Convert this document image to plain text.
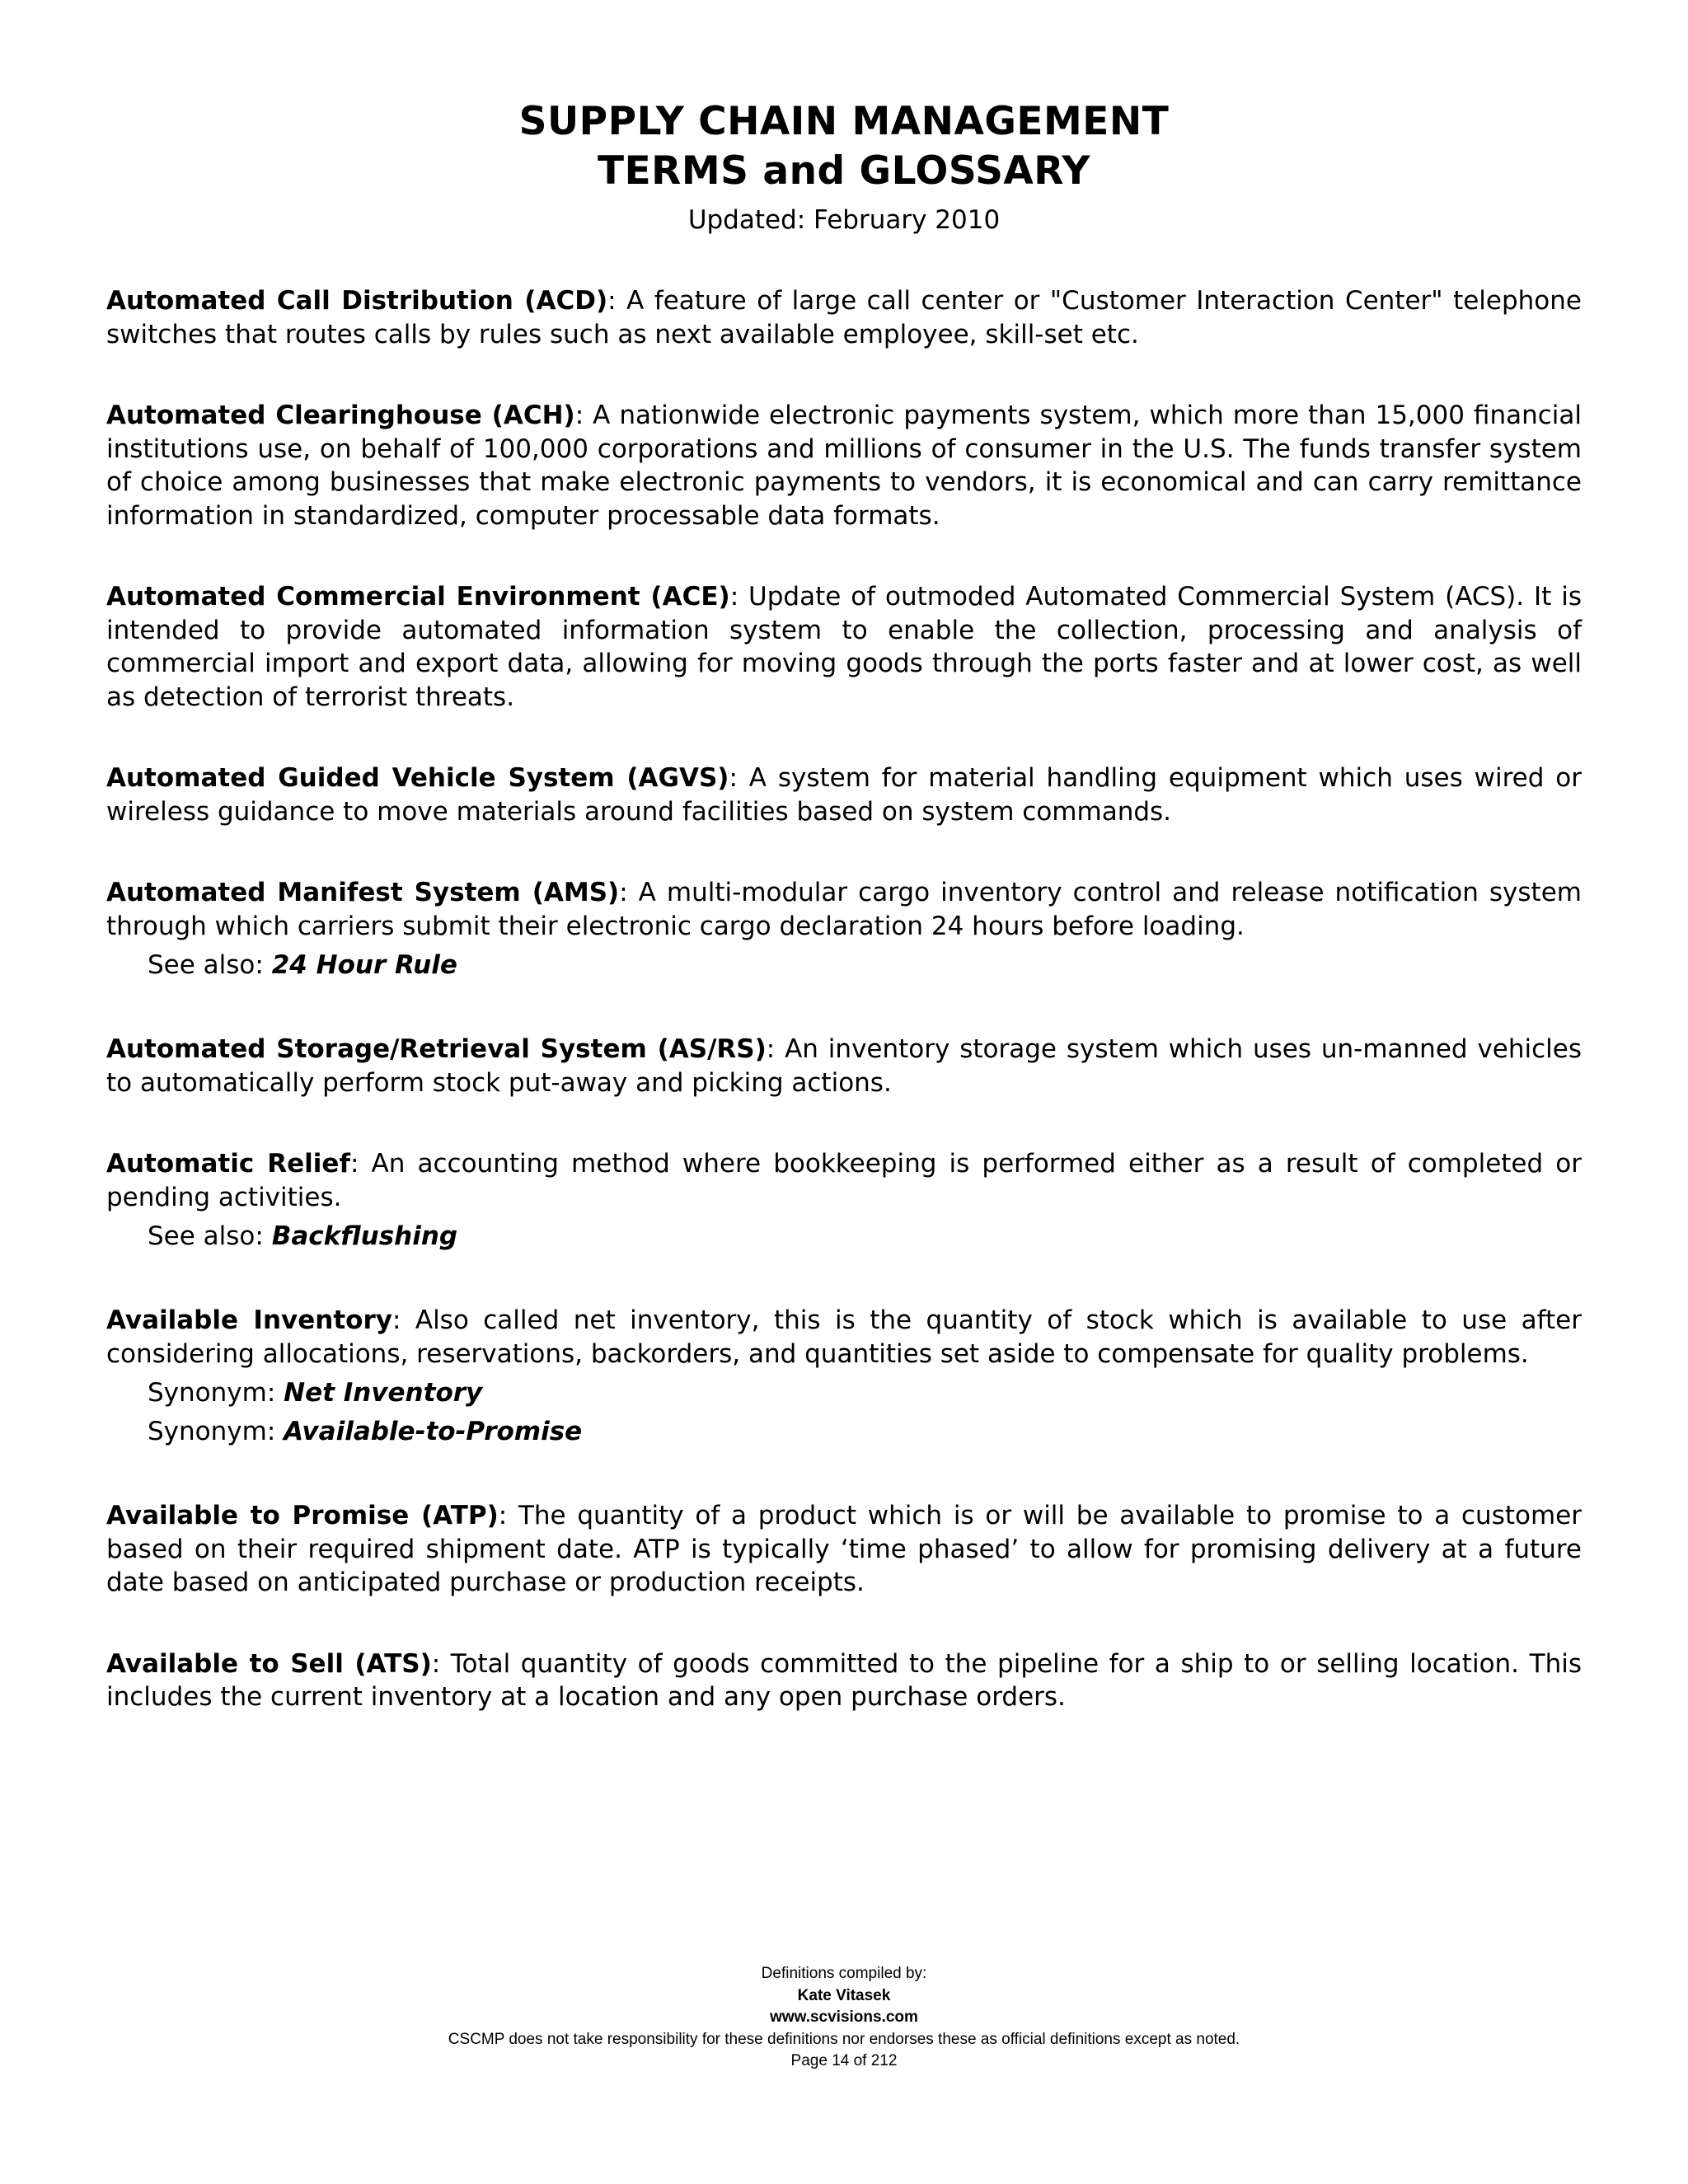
SUPPLY CHAIN MANAGEMENT
TERMS and GLOSSARY
Updated: February 2010

Automated Call Distribution (ACD): A feature of large call center or "Customer Interaction Center" telephone switches that routes calls by rules such as next available employee, skill-set etc.

Automated Clearinghouse (ACH): A nationwide electronic payments system, which more than 15,000 financial institutions use, on behalf of 100,000 corporations and millions of consumer in the U.S. The funds transfer system of choice among businesses that make electronic payments to vendors, it is economical and can carry remittance information in standardized, computer processable data formats.

Automated Commercial Environment (ACE): Update of outmoded Automated Commercial System (ACS). It is intended to provide automated information system to enable the collection, processing and analysis of commercial import and export data, allowing for moving goods through the ports faster and at lower cost, as well as detection of terrorist threats.

Automated Guided Vehicle System (AGVS): A system for material handling equipment which uses wired or wireless guidance to move materials around facilities based on system commands.

Automated Manifest System (AMS): A multi-modular cargo inventory control and release notification system through which carriers submit their electronic cargo declaration 24 hours before loading.

See also: 24 Hour Rule

Automated Storage/Retrieval System (AS/RS): An inventory storage system which uses un-manned vehicles to automatically perform stock put-away and picking actions.

Automatic Relief: An accounting method where bookkeeping is performed either as a result of completed or pending activities.

See also: Backflushing

Available Inventory: Also called net inventory, this is the quantity of stock which is available to use after considering allocations, reservations, backorders, and quantities set aside to compensate for quality problems.

Synonym: Net Inventory
Synonym: Available-to-Promise

Available to Promise (ATP): The quantity of a product which is or will be available to promise to a customer based on their required shipment date. ATP is typically ‘time phased’ to allow for promising delivery at a future date based on anticipated purchase or production receipts.

Available to Sell (ATS): Total quantity of goods committed to the pipeline for a ship to or selling location. This includes the current inventory at a location and any open purchase orders.

Definitions compiled by:
Kate Vitasek
www.scvisions.com
CSCMP does not take responsibility for these definitions nor endorses these as official definitions except as noted.
Page 14 of 212
